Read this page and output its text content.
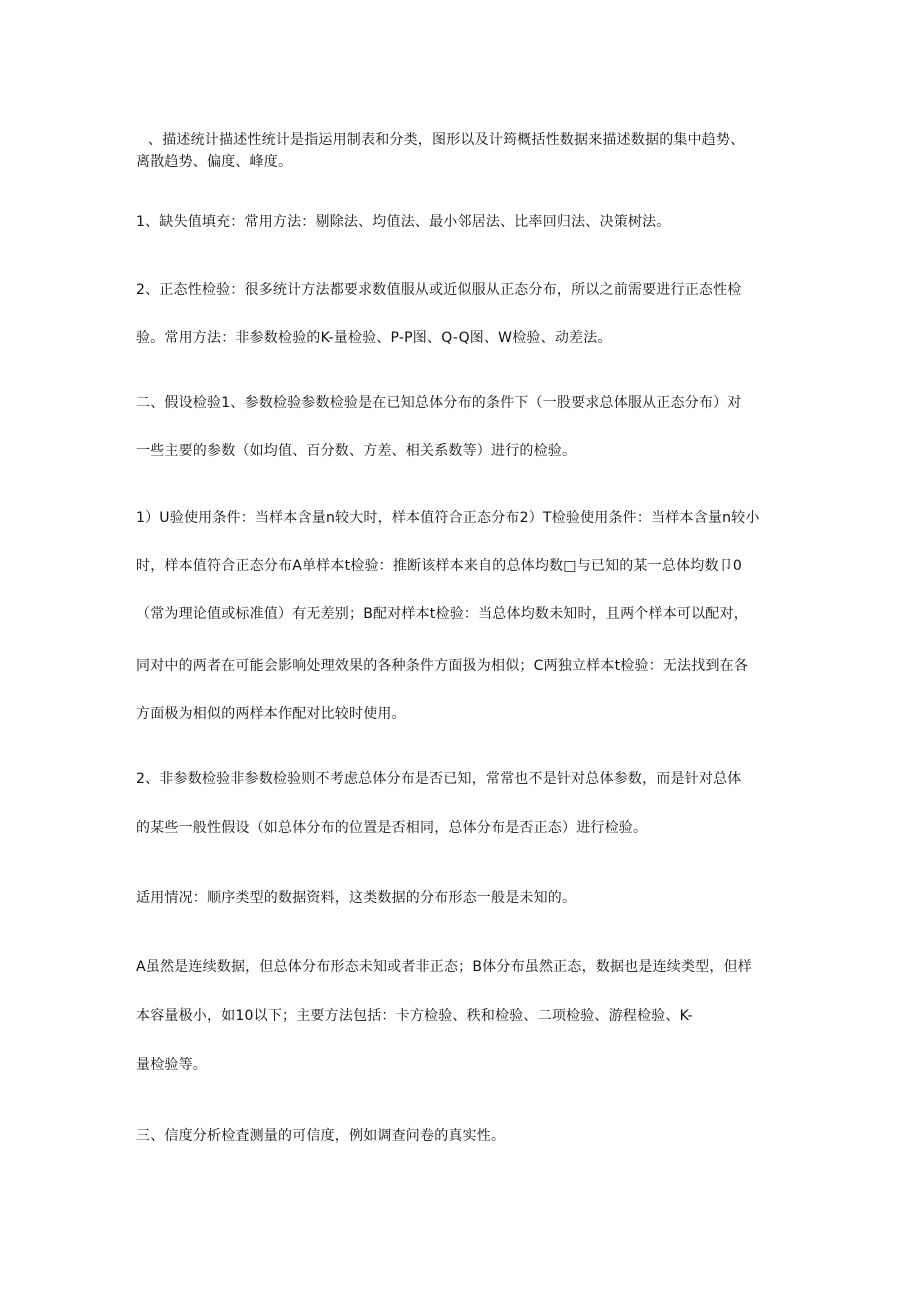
、描述统计描述性统计是指运用制表和分类，图形以及计筠概括性数据来描述数据的集中趋势、

离散趋势、偏度、峰度。

1、缺失值填充：常用方法：剔除法、均值法、最小邻居法、比率回归法、决策树法。

2、正态性检验：很多统计方法都要求数值服从或近似服从正态分布，所以之前需要进行正态性检

验。常用方法：非参数检验的K-量检验、P-P图、Q-Q图、W检验、动差法。

二、假设检验1、参数检验参数检验是在已知总体分布的条件下（一股要求总体服从正态分布）对

一些主要的参数（如均值、百分数、方差、相关系数等）进行的检验。

1）U验使用条件：当样本含量n较大时，样本值符合正态分布2）T检验使用条件：当样本含量n较小

时，样本值符合正态分布A单样本t检验：推断该样本来自的总体均数□与已知的某一总体均数卩0

（常为理论值或标准值）有无差别；B配对样本t检验：当总体均数未知时，且两个样本可以配对，

同对中的两者在可能会影响处理效果的各种条件方面扱为相似；C两独立样本t检验：无法找到在各

方面极为相似的两样本作配对比较时使用。

2、非参数检验非参数检验则不考虑总体分布是否已知，常常也不是针对总体参数，而是针对总体

的某些一般性假设（如总体分布的位置是否相同，总体分布是否正态）进行检验。

适用情况：顺序类型的数据资料，这类数据的分布形态一般是未知的。

A虽然是连续数据，但总体分布形态未知或者非正态；B体分布虽然正态，数据也是连续类型，但样

本容量极小，如10以下；主要方法包括：卡方检验、秩和检验、二项检验、游程检验、K-

量检验等。

三、信度分析检査测量的可信度，例如调查问卷的真实性。
